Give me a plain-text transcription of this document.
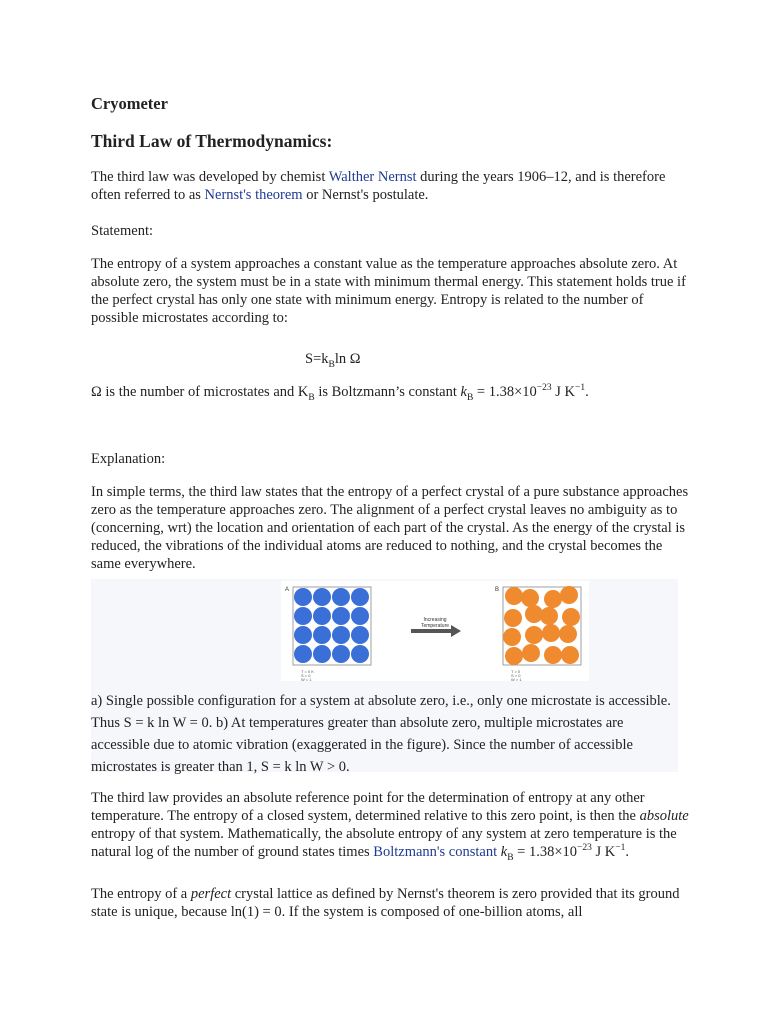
Cryometer
Third Law of Thermodynamics:
The third law was developed by chemist Walther Nernst during the years 1906–12, and is therefore often referred to as Nernst's theorem or Nernst's postulate.
Statement:
The entropy of a system approaches a constant value as the temperature approaches absolute zero. At absolute zero, the system must be in a state with minimum thermal energy. This statement holds true if the perfect crystal has only one state with minimum energy. Entropy is related to the number of possible microstates according to:
$S=k_B\ln$ Ω
Ω is the number of microstates and $K_B$ is Boltzmann’s constant $k_B = 1.38\times 10^{-23}$ J $K^{-1}$.
Explanation:
In simple terms, the third law states that the entropy of a perfect crystal of a pure substance approaches zero as the temperature approaches zero. The alignment of a perfect crystal leaves no ambiguity as to (concerning, wrt) the location and orientation of each part of the crystal. As the energy of the crystal is reduced, the vibrations of the individual atoms are reduced to nothing, and the crystal becomes the same everywhere.
A
T = 0 K
S = 0
W = 1
Increasing
Temperature
B
T > 0
S > 0
W > 1
a) Single possible configuration for a system at absolute zero, i.e., only one microstate is accessible. Thus S = k ln W = 0. b) At temperatures greater than absolute zero, multiple microstates are accessible due to atomic vibration (exaggerated in the figure). Since the number of accessible microstates is greater than 1, S = k ln W > 0.
The third law provides an absolute reference point for the determination of entropy at any other temperature. The entropy of a closed system, determined relative to this zero point, is then the absolute entropy of that system. Mathematically, the absolute entropy of any system at zero temperature is the natural log of the number of ground states times Boltzmann's constant $k_B = 1.38\times 10^{-23}$ J $K^{-1}$.
The entropy of a perfect crystal lattice as defined by Nernst's theorem is zero provided that its ground state is unique, because ln(1) = 0. If the system is composed of one-billion atoms, all
